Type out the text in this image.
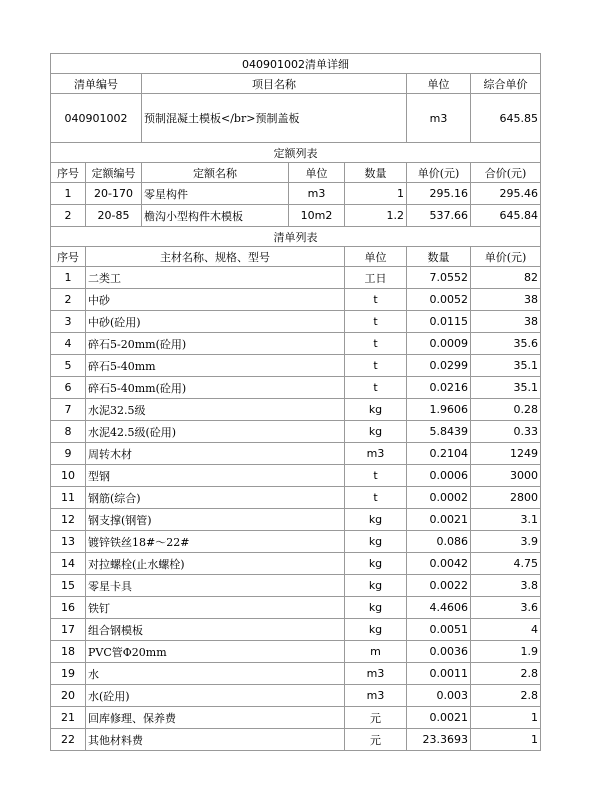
040901002清单详细							
清单编号		项目名称			单位	综合单价	
040901002		预制混凝土模板</br>预制盖板			m3	645.85	
定额列表							
序号	定额编号	定额名称	单位	数量	单价(元)	合价(元)	
1	20-170	零星构件	m3	1	295.16	295.46	
2	20-85	檐沟小型构件木模板	10m2	1.2	537.66	645.84	
清单列表							
序号	主材名称、规格、型号			单位	数量	单价(元)	
1	二类工			工日	7.0552	82	
2	中砂			t	0.0052	38	
3	中砂(砼用)			t	0.0115	38	
4	碎石5-20mm(砼用)			t	0.0009	35.6	
5	碎石5-40mm			t	0.0299	35.1	
6	碎石5-40mm(砼用)			t	0.0216	35.1	
7	水泥32.5级			kg	1.9606	0.28	
8	水泥42.5级(砼用)			kg	5.8439	0.33	
9	周转木材			m3	0.2104	1249	
10	型钢			t	0.0006	3000	
11	钢筋(综合)			t	0.0002	2800	
12	钢支撑(钢管)			kg	0.0021	3.1	
13	镀锌铁丝18#～22#			kg	0.086	3.9	
14	对拉螺栓(止水螺栓)			kg	0.0042	4.75	
15	零星卡具			kg	0.0022	3.8	
16	铁钉			kg	4.4606	3.6	
17	组合钢模板			kg	0.0051	4	
18	PVC管Φ20mm			m	0.0036	1.9	
19	水			m3	0.0011	2.8	
20	水(砼用)			m3	0.003	2.8	
21	回库修理、保养费			元	0.0021	1	
22	其他材料费			元	23.3693	1	
